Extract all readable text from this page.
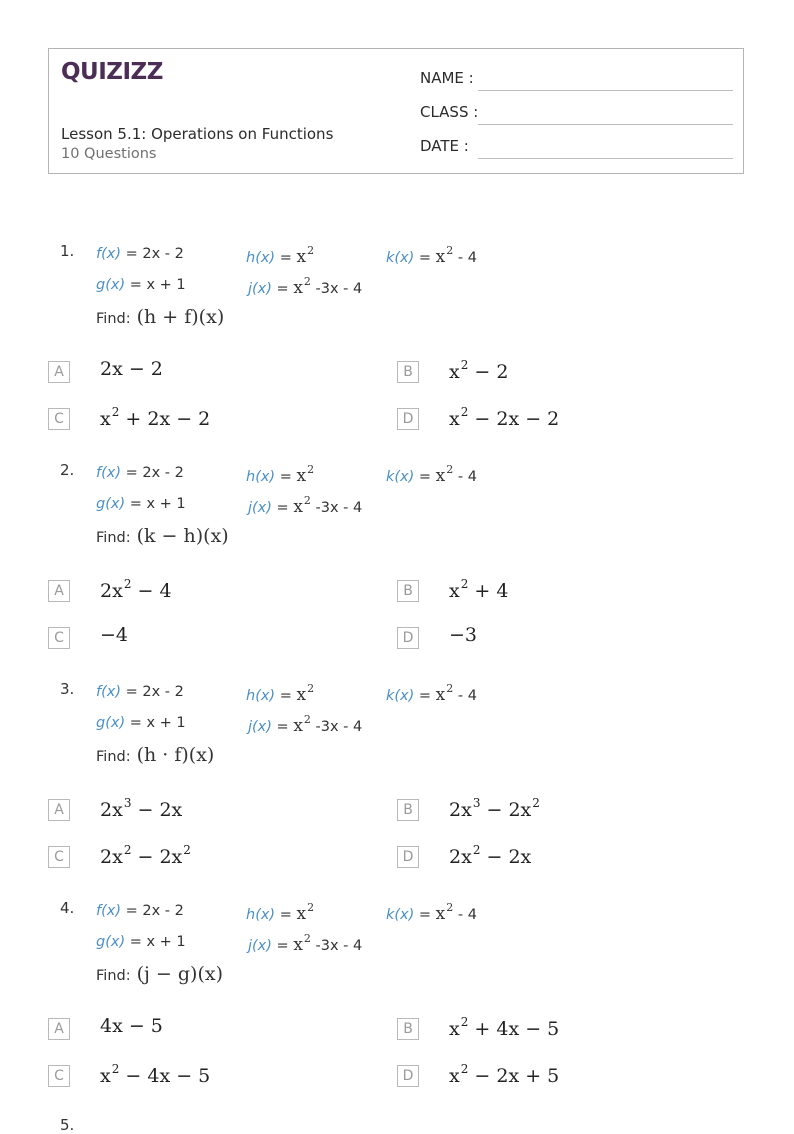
QUIZIZZ
Lesson 5.1: Operations on Functions
10 Questions
NAME :
CLASS :
DATE :
1. f(x) = 2x - 2	$h(x) = x^2$	$k(x) = x^2 - 4$
g(x) = x + 1	$j(x) = x^2$ -3x - 4
Find: (h + f)(x)
A	2x − 2	B	$x^2 - 2$
C	$x^2 + 2x - 2$	D $x^2 - 2x - 2$
2. f(x) = 2x - 2	$h(x) = x^2$	$k(x) = x^2 - 4$
g(x) = x + 1	$j(x) = x^2$ -3x - 4
Find: (k − h)(x)
A	$2x^2 - 4$	B	$x^2 + 4$
C	−4	D −3
3. f(x) = 2x - 2	$h(x) = x^2$	$k(x) = x^2 - 4$
g(x) = x + 1	$j(x) = x^2$ -3x - 4
Find: (h · f)(x)
A	$2x^3 - 2x$	B	$2x^3 - 2x^2$
C	$2x^2 - 2x^2$	D $2x^2 - 2x$
4. f(x) = 2x - 2	$h(x) = x^2$	$k(x) = x^2 - 4$
g(x) = x + 1	$j(x) = x^2$ -3x - 4
Find: (j − g)(x)
A	4x − 5	B	$x^2 + 4x - 5$
C	$x^2 - 4x - 5$	D $x^2 - 2x + 5$
5.
